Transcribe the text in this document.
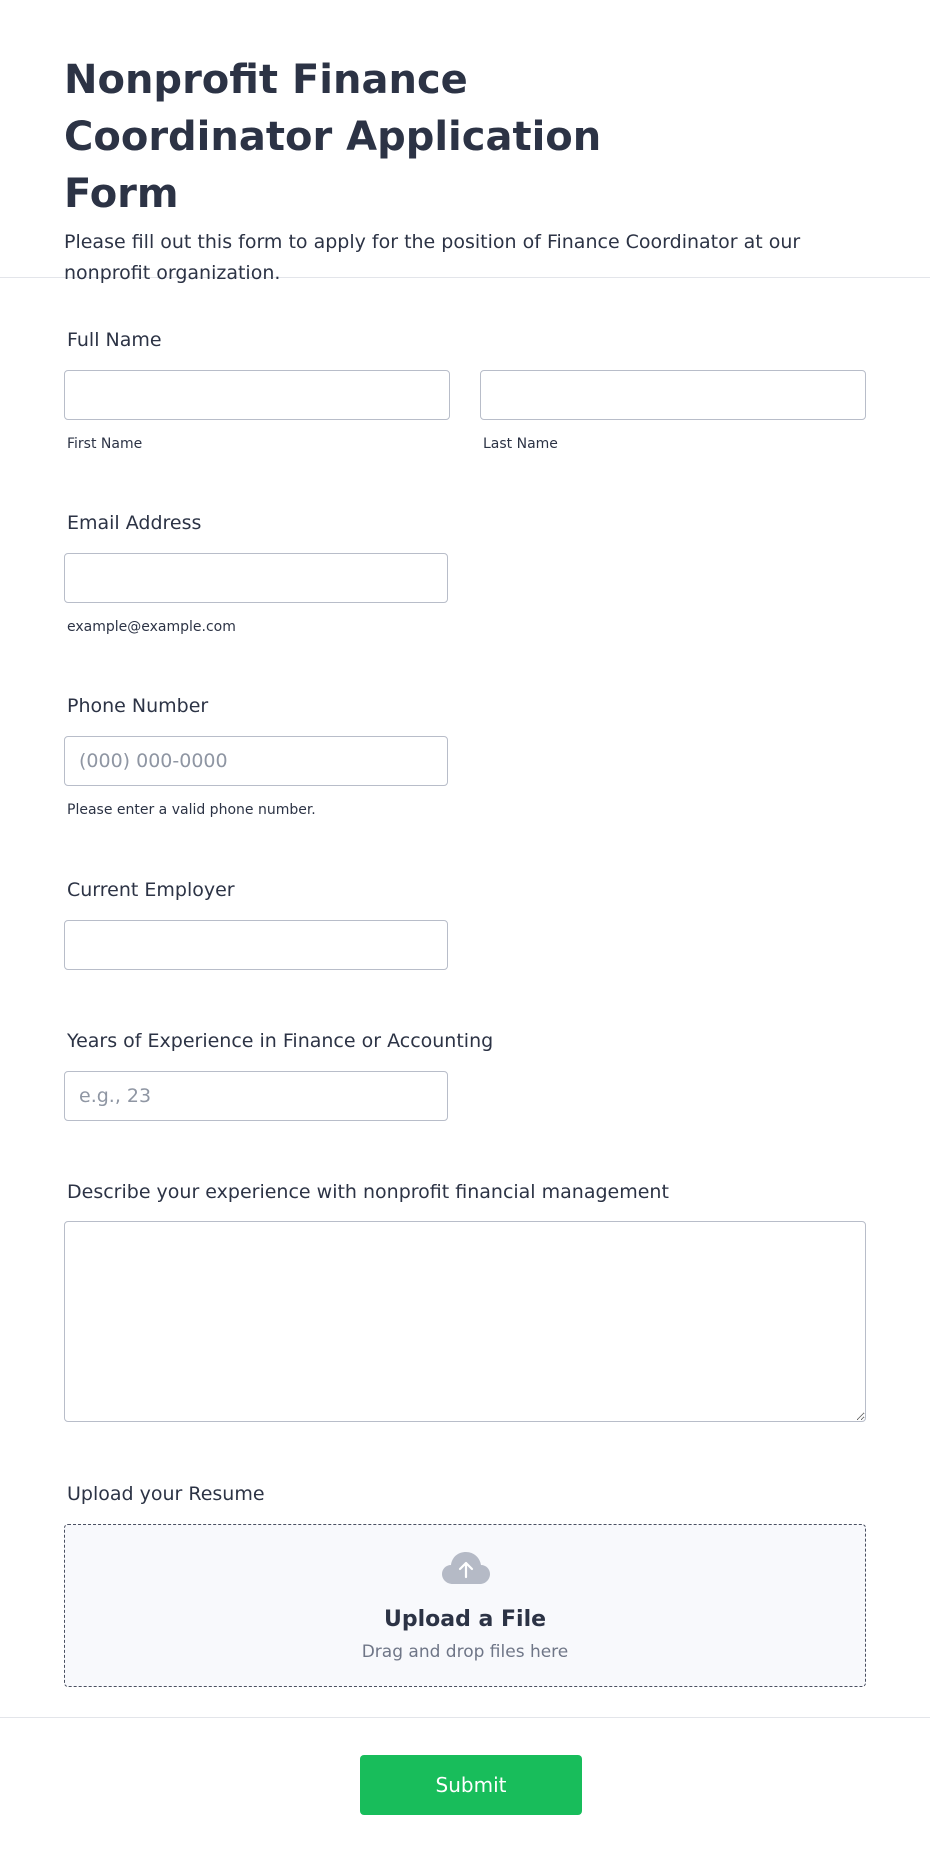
Nonprofit Finance Coordinator Application Form

Please fill out this form to apply for the position of Finance Coordinator at our nonprofit organization.

Full Name
First Name	Last Name
Email Address
example@example.com
Phone Number
(000) 000-0000
Please enter a valid phone number.
Current Employer
Years of Experience in Finance or Accounting
e.g., 23
Describe your experience with nonprofit financial management
Upload your Resume
Upload a File
Drag and drop files here
Submit
